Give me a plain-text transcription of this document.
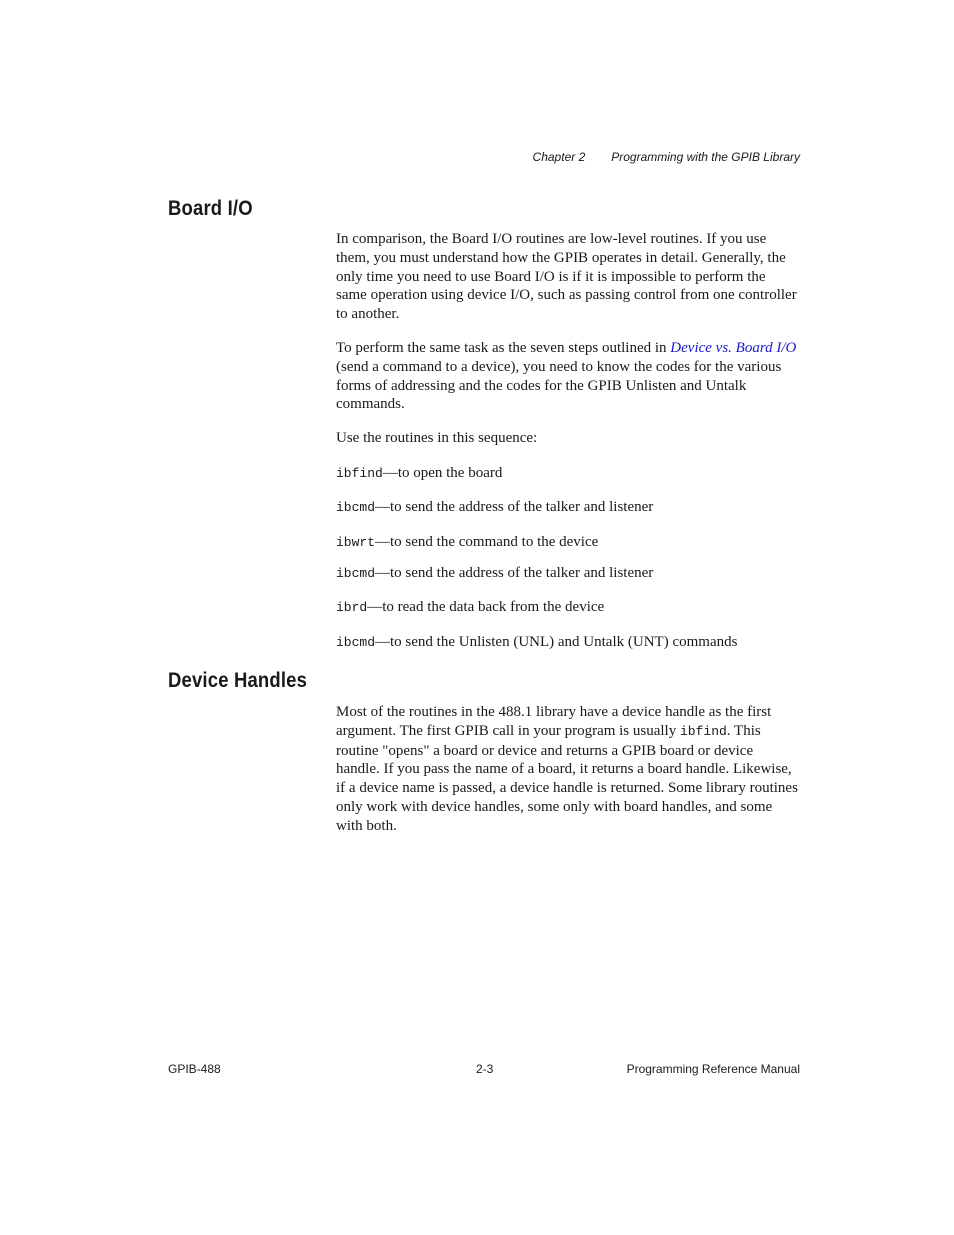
Chapter 2 Programming with the GPIB Library
Board I/O

In comparison, the Board I/O routines are low-level routines. If you use them, you must understand how the GPIB operates in detail. Generally, the only time you need to use Board I/O is if it is impossible to perform the same operation using device I/O, such as passing control from one controller to another.

To perform the same task as the seven steps outlined in Device vs. Board I/O (send a command to a device), you need to know the codes for the various forms of addressing and the codes for the GPIB Unlisten and Untalk commands.

Use the routines in this sequence:

ibfind—to open the board
ibcmd—to send the address of the talker and listener
ibwrt—to send the command to the device
ibcmd—to send the address of the talker and listener
ibrd—to read the data back from the device
ibcmd—to send the Unlisten (UNL) and Untalk (UNT) commands
Device Handles

Most of the routines in the 488.1 library have a device handle as the first argument. The first GPIB call in your program is usually ibfind. This routine "opens" a board or device and returns a GPIB board or device handle. If you pass the name of a board, it returns a board handle. Likewise, if a device name is passed, a device handle is returned. Some library routines only work with device handles, some only with board handles, and some with both.

GPIB-488	2-3	Programming Reference Manual
